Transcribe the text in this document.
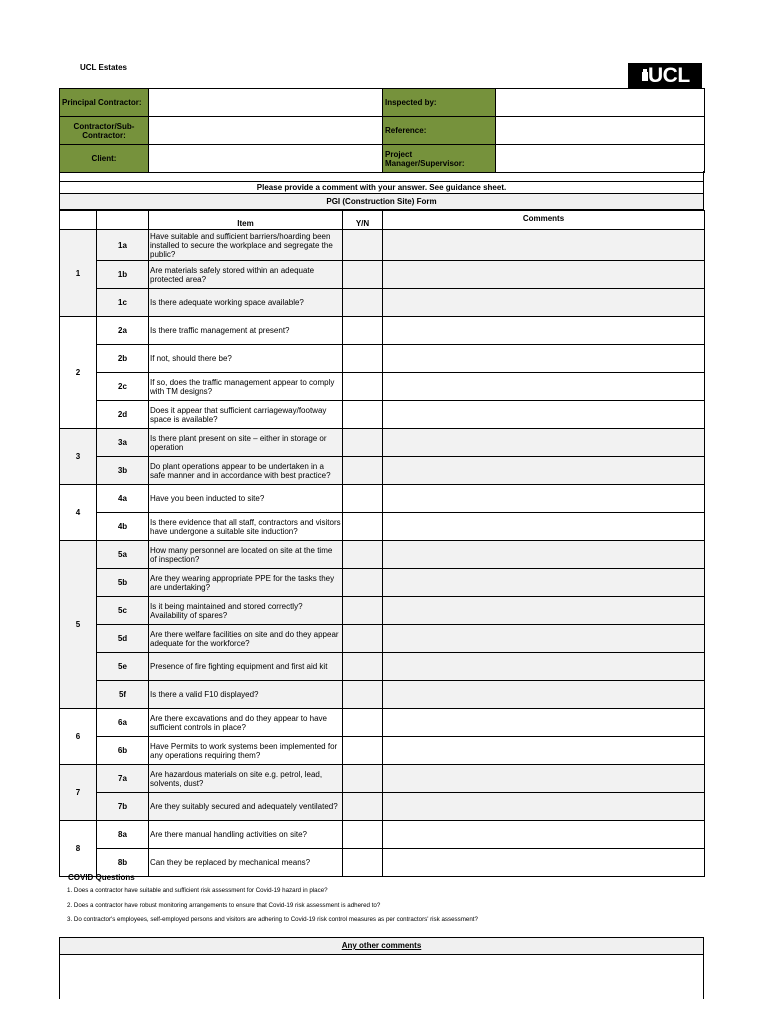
UCL Estates	UCL
Principal Contractor:		Inspected by:	
Contractor/Sub-Contractor:		Reference:	
Client:		Project Manager/Supervisor:	
Please provide a comment with your answer. See guidance sheet.
PGI (Construction Site) Form
		Item	Y/N	Comments
1	1a	Have suitable and sufficient barriers/hoarding been installed to secure the workplace and segregate the public?		
	1b	Are materials safely stored within an adequate protected area?		
	1c	Is there adequate working space available?		
2	2a	Is there traffic management at present?		
	2b	If not, should there be?		
	2c	If so, does the traffic management appear to comply with TM designs?		
	2d	Does it appear that sufficient carriageway/footway space is available?		
3	3a	Is there plant present on site – either in storage or operation		
	3b	Do plant operations appear to be undertaken in a safe manner and in accordance with best practice?		
4	4a	Have you been inducted to site?		
	4b	Is there evidence that all staff, contractors and visitors have undergone a suitable site induction?		
5	5a	How many personnel are located on site at the time of inspection?		
	5b	Are they wearing appropriate PPE for the tasks they are undertaking?		
	5c	Is it being maintained and stored correctly? Availability of spares?		
	5d	Are there welfare facilities on site and do they appear adequate for the workforce?		
	5e	Presence of fire fighting equipment and first aid kit		
	5f	Is there a valid F10 displayed?		
6	6a	Are there excavations and do they appear to have sufficient controls in place?		
	6b	Have Permits to work systems been implemented for any operations requiring them?		
7	7a	Are hazardous materials on site e.g. petrol, lead, solvents, dust?		
	7b	Are they suitably secured and adequately ventilated?		
8	8a	Are there manual handling activities on site?		
	8b	Can they be replaced by mechanical means?		
COVID Questions
1. Does a contractor have suitable and sufficient risk assessment for Covid-19 hazard in place?
2. Does a contractor have robust monitoring arrangements to ensure that Covid-19 risk assessment is adhered to?
3. Do contractor's employees, self-employed persons and visitors are adhering to Covid-19 risk control measures as per contractors' risk assessment?
Any other comments
